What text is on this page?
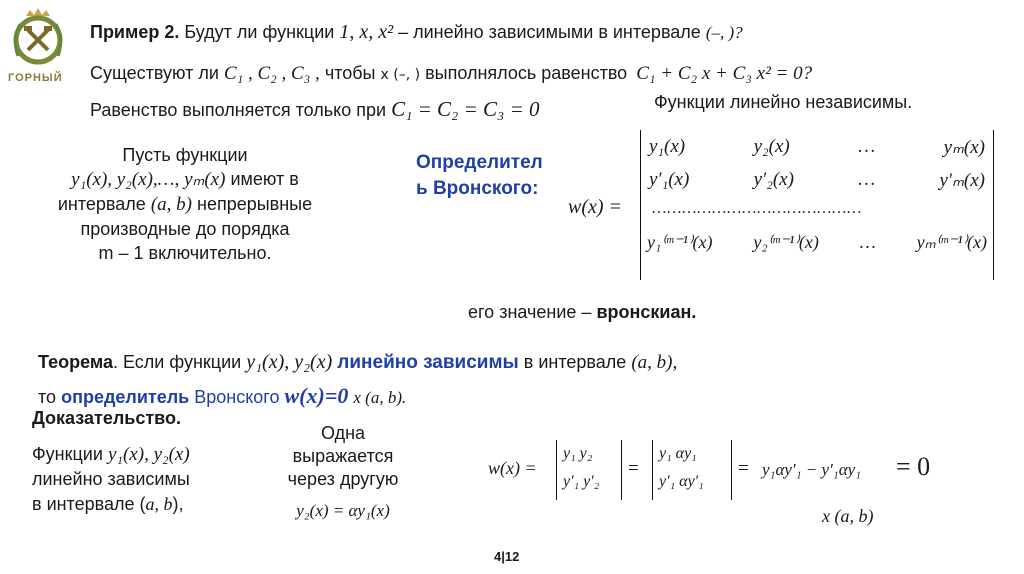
ГОРНЫЙ
Пример 2. Будут ли функции 1, x, x² – линейно зависимыми в интервале (–, )?
Существуют ли C₁ , C₂ , C₃ , чтобы x (–, ) выполнялось равенство C₁ + C₂ x + C₃ x² = 0?
Равенство выполняется только при C₁ = C₂ = C₃ = 0	Функции линейно независимы.
Пусть функции
y₁(x), y₂(x),…, yₘ(x) имеют в
интервале (a, b) непрерывные
производные до порядка
m – 1 включительно.
Определител
ь Вронского:
w(x) =
y₁(x)	y₂(x)	…	yₘ(x)
y′₁(x)	y′₂(x)	…	y′ₘ(x)
……………………………………
y₁⁽ᵐ⁻¹⁾(x) y₂⁽ᵐ⁻¹⁾(x) … yₘ⁽ᵐ⁻¹⁾(x)
его значение – вронскиан.
Теорема. Если функции y₁(x), y₂(x) линейно зависимы в интервале (a, b),
то определитель Вронского w(x)=0 x (a, b).
Доказательство.
Функции y₁(x), y₂(x)
линейно зависимы
в интервале (a, b),
Одна
выражается
через другую
y₂(x) = αy₁(x)
w(x) =
y₁ y₂
y′₁ y′₂
=
y₁ αy₁
y′₁ αy′₁
= y₁αy′₁ − y′₁αy₁ = 0
x (a, b)
4|12
